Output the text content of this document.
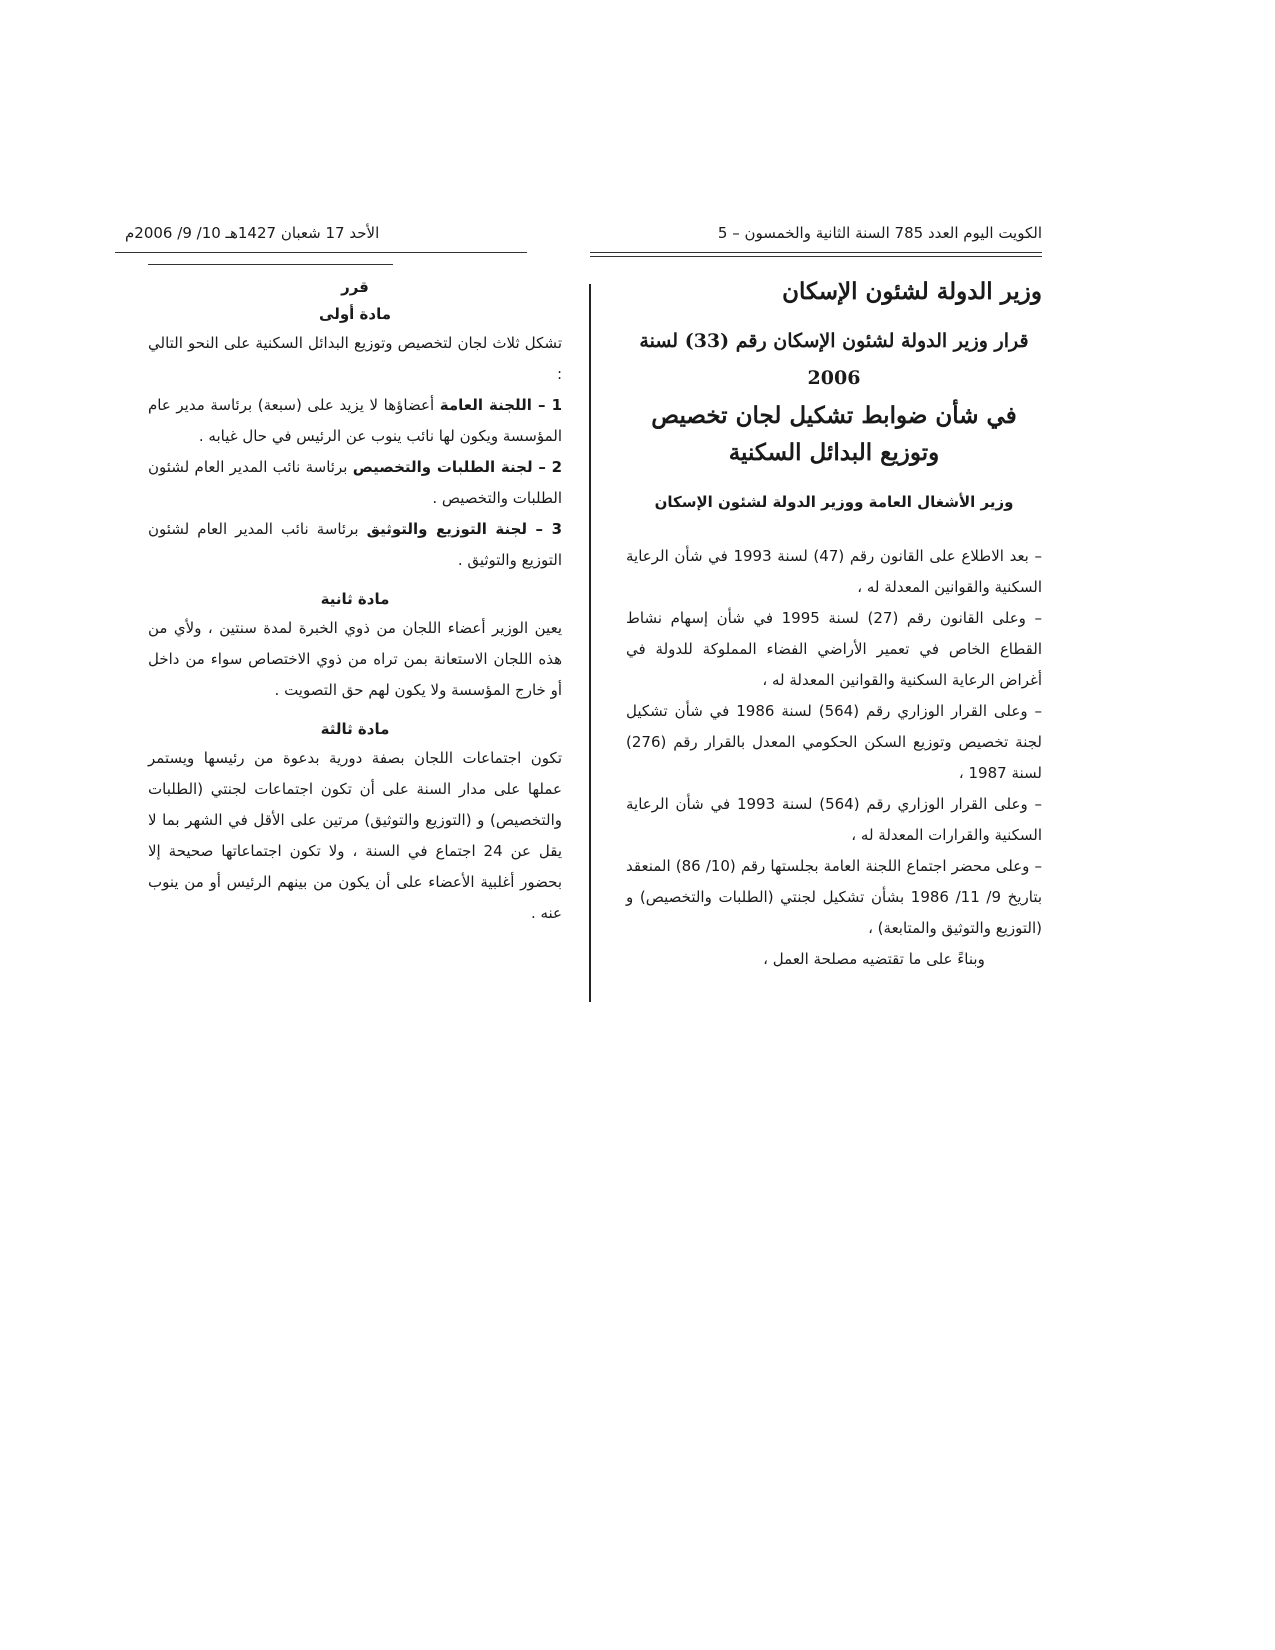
الكويت اليوم العدد 785 السنة الثانية والخمسون – 5
الأحد 17 شعبان 1427هـ 10/ 9/ 2006م
وزير الدولة لشئون الإسكان
قرار وزير الدولة لشئون الإسكان رقم (33) لسنة 2006
في شأن ضوابط تشكيل لجان تخصيص
وتوزيع البدائل السكنية
وزير الأشغال العامة ووزير الدولة لشئون الإسكان

– بعد الاطلاع على القانون رقم (47) لسنة 1993 في شأن الرعاية السكنية والقوانين المعدلة له ،

– وعلى القانون رقم (27) لسنة 1995 في شأن إسهام نشاط القطاع الخاص في تعمير الأراضي الفضاء المملوكة للدولة في أغراض الرعاية السكنية والقوانين المعدلة له ،

– وعلى القرار الوزاري رقم (564) لسنة 1986 في شأن تشكيل لجنة تخصيص وتوزيع السكن الحكومي المعدل بالقرار رقم (276) لسنة 1987 ،

– وعلى القرار الوزاري رقم (564) لسنة 1993 في شأن الرعاية السكنية والقرارات المعدلة له ،

– وعلى محضر اجتماع اللجنة العامة بجلستها رقم (10/ 86) المنعقد بتاريخ 9/ 11/ 1986 بشأن تشكيل لجنتي (الطلبات والتخصيص) و (التوزيع والتوثيق والمتابعة) ،

وبناءً على ما تقتضيه مصلحة العمل ،

قرر
مادة أولى

تشكل ثلاث لجان لتخصيص وتوزيع البدائل السكنية على النحو التالي :

1 – اللجنة العامة أعضاؤها لا يزيد على (سبعة) برئاسة مدير عام المؤسسة ويكون لها نائب ينوب عن الرئيس في حال غيابه .

2 – لجنة الطلبات والتخصيص برئاسة نائب المدير العام لشئون الطلبات والتخصيص .

3 – لجنة التوزيع والتوثيق برئاسة نائب المدير العام لشئون التوزيع والتوثيق .

مادة ثانية

يعين الوزير أعضاء اللجان من ذوي الخبرة لمدة سنتين ، ولأي من هذه اللجان الاستعانة بمن تراه من ذوي الاختصاص سواء من داخل أو خارج المؤسسة ولا يكون لهم حق التصويت .

مادة ثالثة

تكون اجتماعات اللجان بصفة دورية بدعوة من رئيسها ويستمر عملها على مدار السنة على أن تكون اجتماعات لجنتي (الطلبات والتخصيص) و (التوزيع والتوثيق) مرتين على الأقل في الشهر بما لا يقل عن 24 اجتماع في السنة ، ولا تكون اجتماعاتها صحيحة إلا بحضور أغلبية الأعضاء على أن يكون من بينهم الرئيس أو من ينوب عنه .
